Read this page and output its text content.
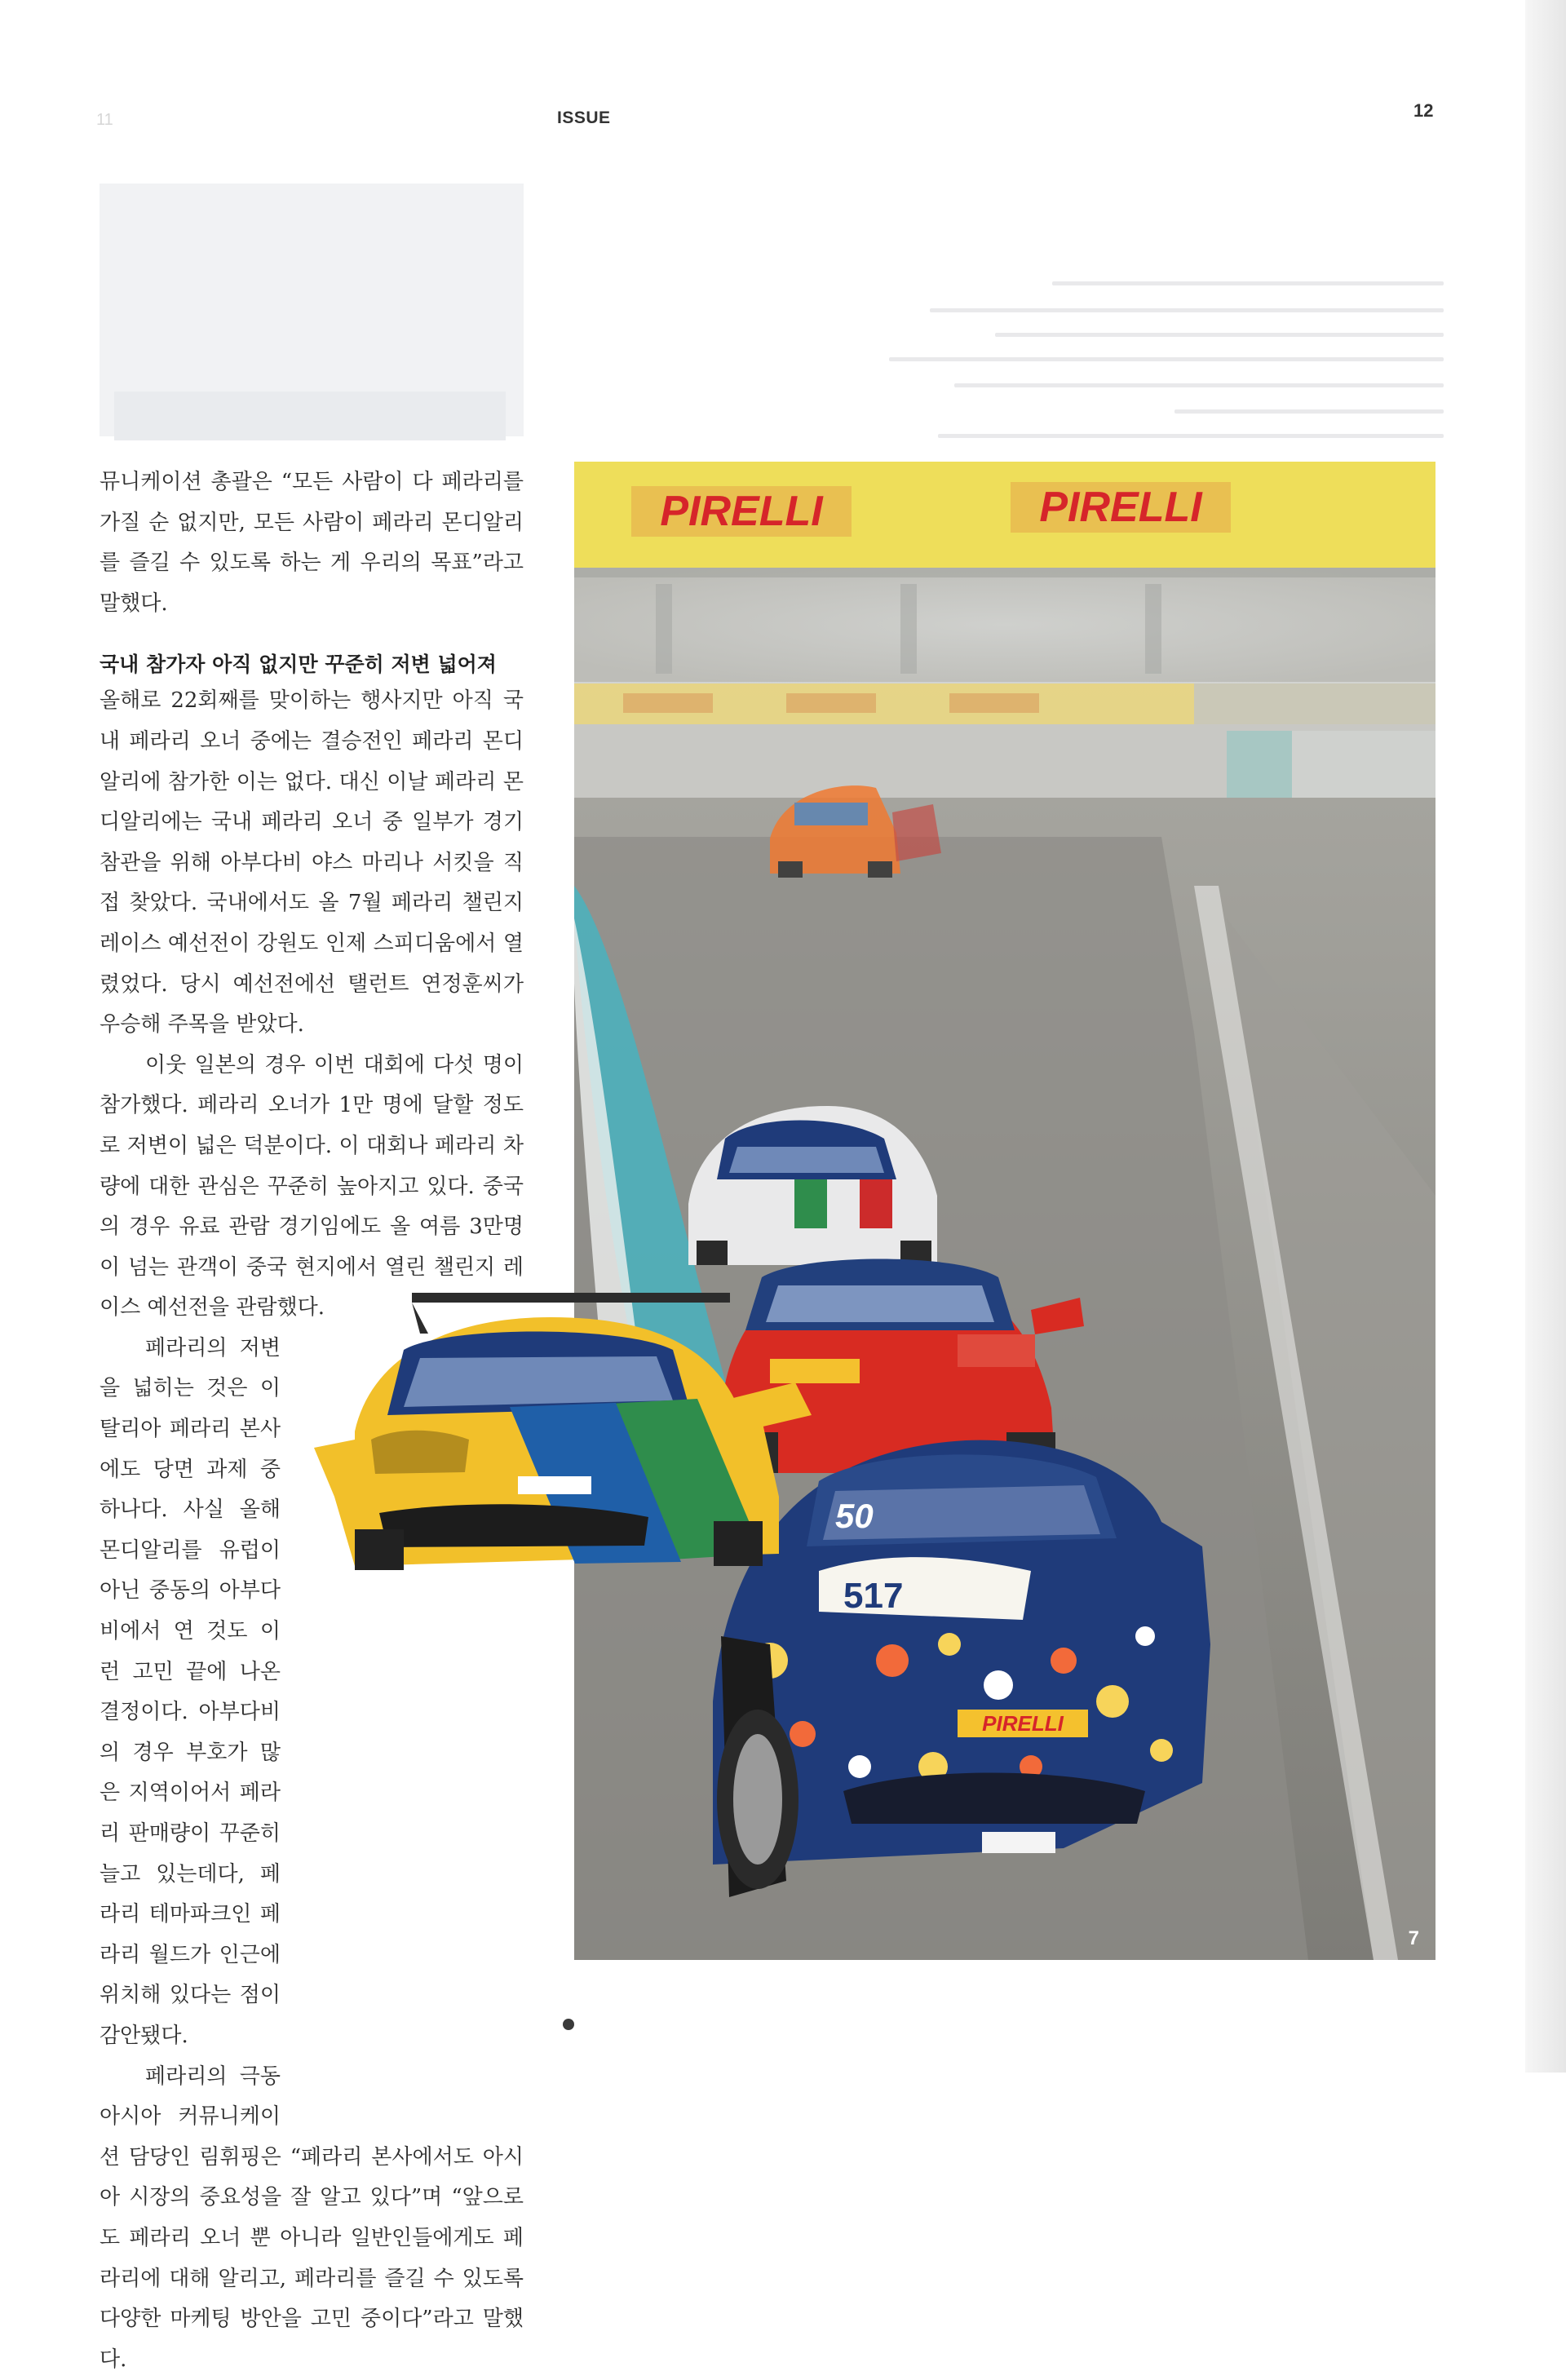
11	ISSUE	12

뮤니케이션 총괄은 “모든 사람이 다 페라리를 가질 순 없지만, 모든 사람이 페라리 몬디알리를 즐길 수 있도록 하는 게 우리의 목표”라고 말했다.

국내 참가자 아직 없지만 꾸준히 저변 넓어져

올해로 22회째를 맞이하는 행사지만 아직 국내 페라리 오너 중에는 결승전인 페라리 몬디알리에 참가한 이는 없다. 대신 이날 페라리 몬디알리에는 국내 페라리 오너 중 일부가 경기 참관을 위해 아부다비 야스 마리나 서킷을 직접 찾았다. 국내에서도 올 7월 페라리 챌린지 레이스 예선전이 강원도 인제 스피디움에서 열렸었다. 당시 예선전에선 탤런트 연정훈씨가 우승해 주목을 받았다.

이웃 일본의 경우 이번 대회에 다섯 명이 참가했다. 페라리 오너가 1만 명에 달할 정도로 저변이 넓은 덕분이다. 이 대회나 페라리 차량에 대한 관심은 꾸준히 높아지고 있다. 중국의 경우 유료 관람 경기임에도 올 여름 3만명이 넘는 관객이 중국 현지에서 열린 챌린지 레이스 예선전을 관람했다.

페라리의 저변을 넓히는 것은 이탈리아 페라리 본사에도 당면 과제 중 하나다. 사실 올해 몬디알리를 유럽이 아닌 중동의 아부다비에서 연 것도 이런 고민 끝에 나온 결정이다. 아부다비의 경우 부호가 많은 지역이어서 페라리 판매량이 꾸준히 늘고 있는데다, 페라리 테마파크인 페라리 월드가 인근에 위치해 있다는 점이 감안됐다.

페라리의 극동아시아 커뮤니케이션 담당인 림휘핑은 “페라리 본사에서도 아시아 시장의 중요성을 잘 알고 있다”며 “앞으로도 페라리 오너 뿐 아니라 일반인들에게도 페라리에 대해 알리고, 페라리를 즐길 수 있도록 다양한 마케팅 방안을 고민 중이다”라고 말했다.

PIRELLI	PIRELLI
50
517
PIRELLI
7
